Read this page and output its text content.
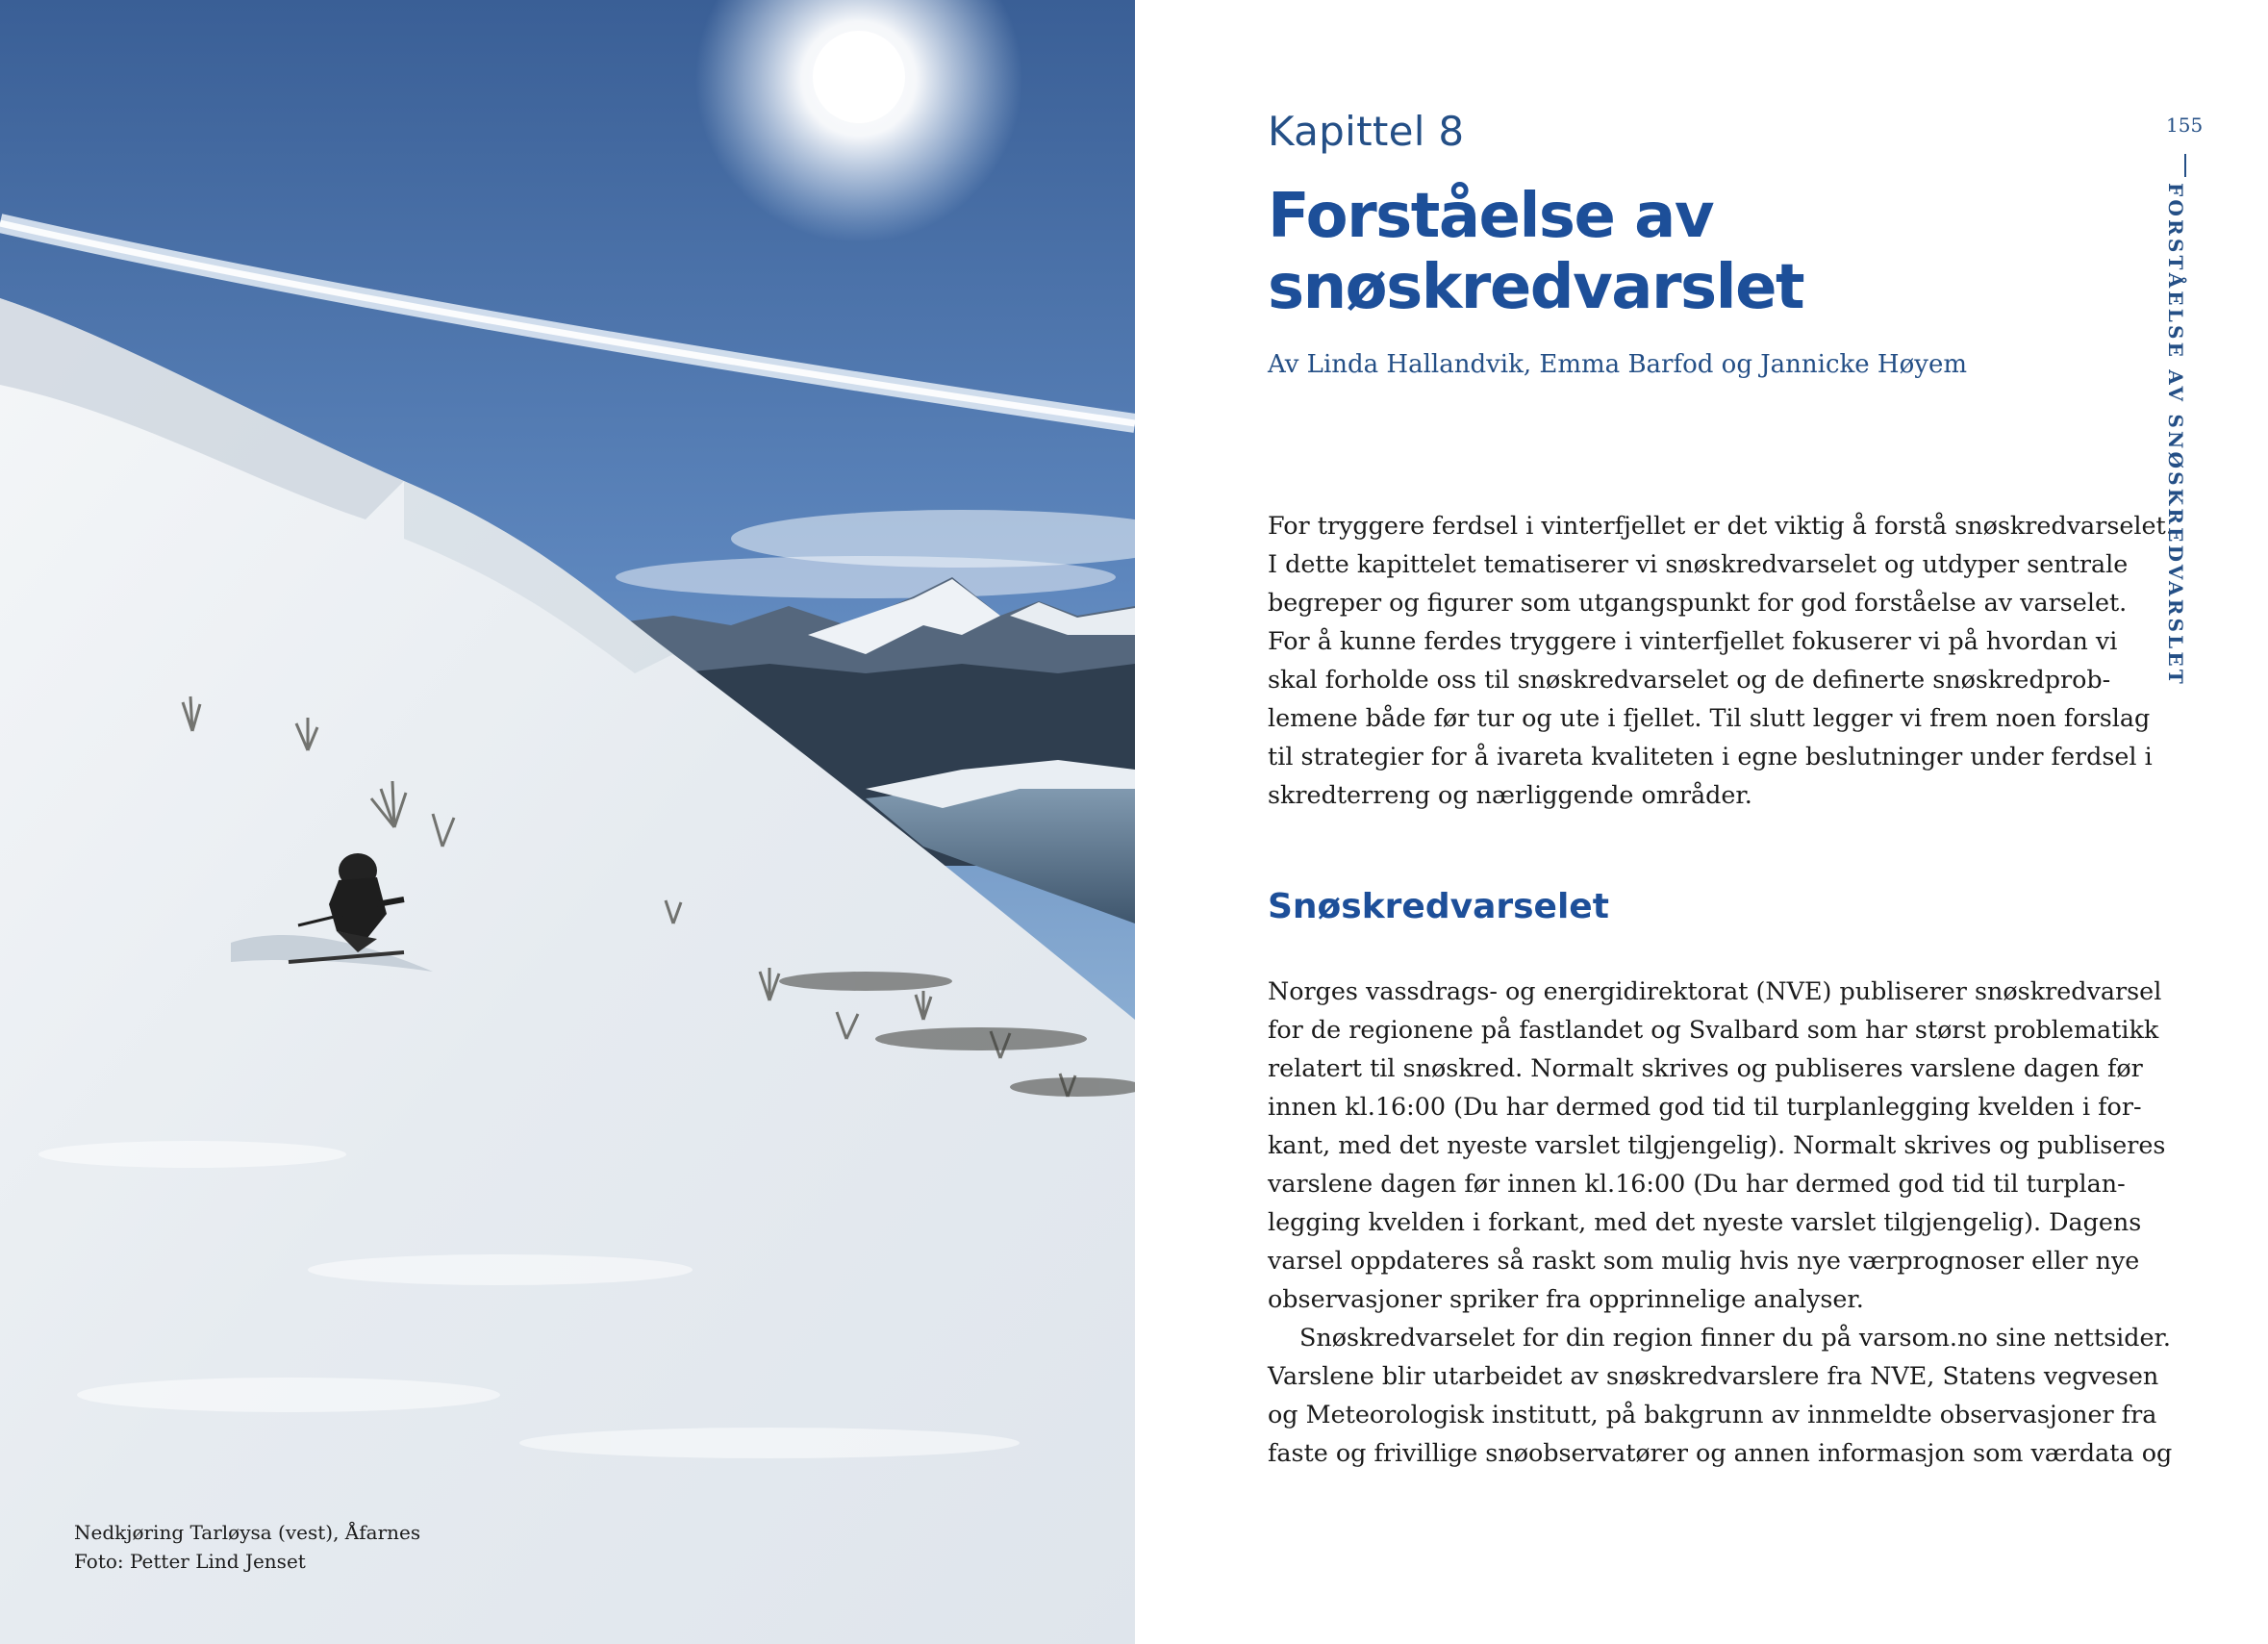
Nedkjøring Tarløysa (vest), Åfarnes
Foto: Petter Lind Jenset
Kapittel 8
Forståelse av
snøskredvarslet
Av Linda Hallandvik, Emma Barfod og Jannicke Høyem
For tryggere ferdsel i vinterfjellet er det viktig å forstå snøskredvarselet.
I dette kapittelet tematiserer vi snøskredvarselet og utdyper sentrale
begreper og figurer som utgangspunkt for god forståelse av varselet.
For å kunne ferdes tryggere i vinterfjellet fokuserer vi på hvordan vi
skal forholde oss til snøskredvarselet og de definerte snøskredprob-
lemene både før tur og ute i fjellet. Til slutt legger vi frem noen forslag
til strategier for å ivareta kvaliteten i egne beslutninger under ferdsel i
skredterreng og nærliggende områder.
Snøskredvarselet
Norges vassdrags- og energidirektorat (NVE) publiserer snøskredvarsel
for de regionene på fastlandet og Svalbard som har størst problematikk
relatert til snøskred. Normalt skrives og publiseres varslene dagen før
innen kl.16:00 (Du har dermed god tid til turplanlegging kvelden i for-
kant, med det nyeste varslet tilgjengelig). Normalt skrives og publiseres
varslene dagen før innen kl.16:00 (Du har dermed god tid til turplan-
legging kvelden i forkant, med det nyeste varslet tilgjengelig). Dagens
varsel oppdateres så raskt som mulig hvis nye værprognoser eller nye
observasjoner spriker fra opprinnelige analyser.
Snøskredvarselet for din region finner du på varsom.no sine nettsider.
Varslene blir utarbeidet av snøskredvarslere fra NVE, Statens vegvesen
og Meteorologisk institutt, på bakgrunn av innmeldte observasjoner fra
faste og frivillige snøobservatører og annen informasjon som værdata og
155
FORSTÅELSE AV SNØSKREDVARSLET
